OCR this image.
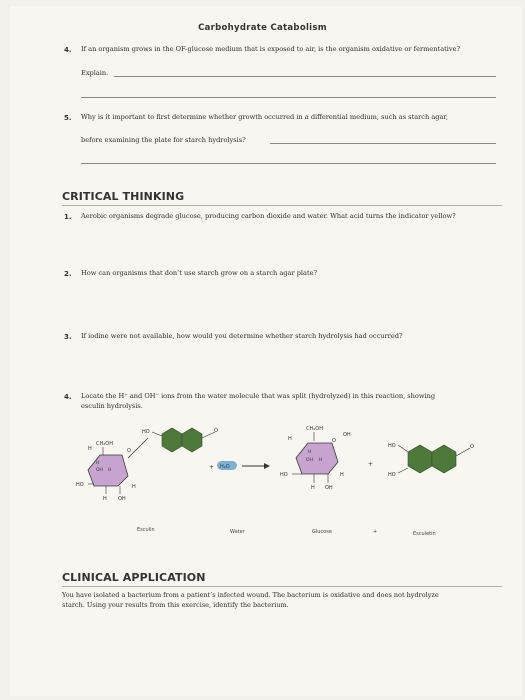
Carbohydrate Catabolism
4. If an organism grows in the OF-glucose medium that is exposed to air, is the organism oxidative or fermentative?
Explain.
5. Why is it important to first determine whether growth occurred in a differential medium, such as starch agar,
before examining the plate for starch hydrolysis?
CRITICAL THINKING
1. Aerobic organisms degrade glucose, producing carbon dioxide and water. What acid turns the indicator yellow?
2. How can organisms that don’t use starch grow on a starch agar plate?
3. If iodine were not available, how would you determine whether starch hydrolysis had occurred?
4. Locate the H⁺ and OH⁻ ions from the water molecule that was split (hydrolyzed) in this reaction, showing
esculin hydrolysis.
CH₂OH
H	O
H
OH H
HO	H
H OH
HO	O
+ H₂O
CH₂OH
H	O
OH
H
OH H
HO	H
H OH
+
HO
HO
O
Esculin	Water	Glucose	+	Esculetin
CLINICAL APPLICATION
You have isolated a bacterium from a patient’s infected wound. The bacterium is oxidative and does not hydrolyze
starch. Using your results from this exercise, identify the bacterium.
